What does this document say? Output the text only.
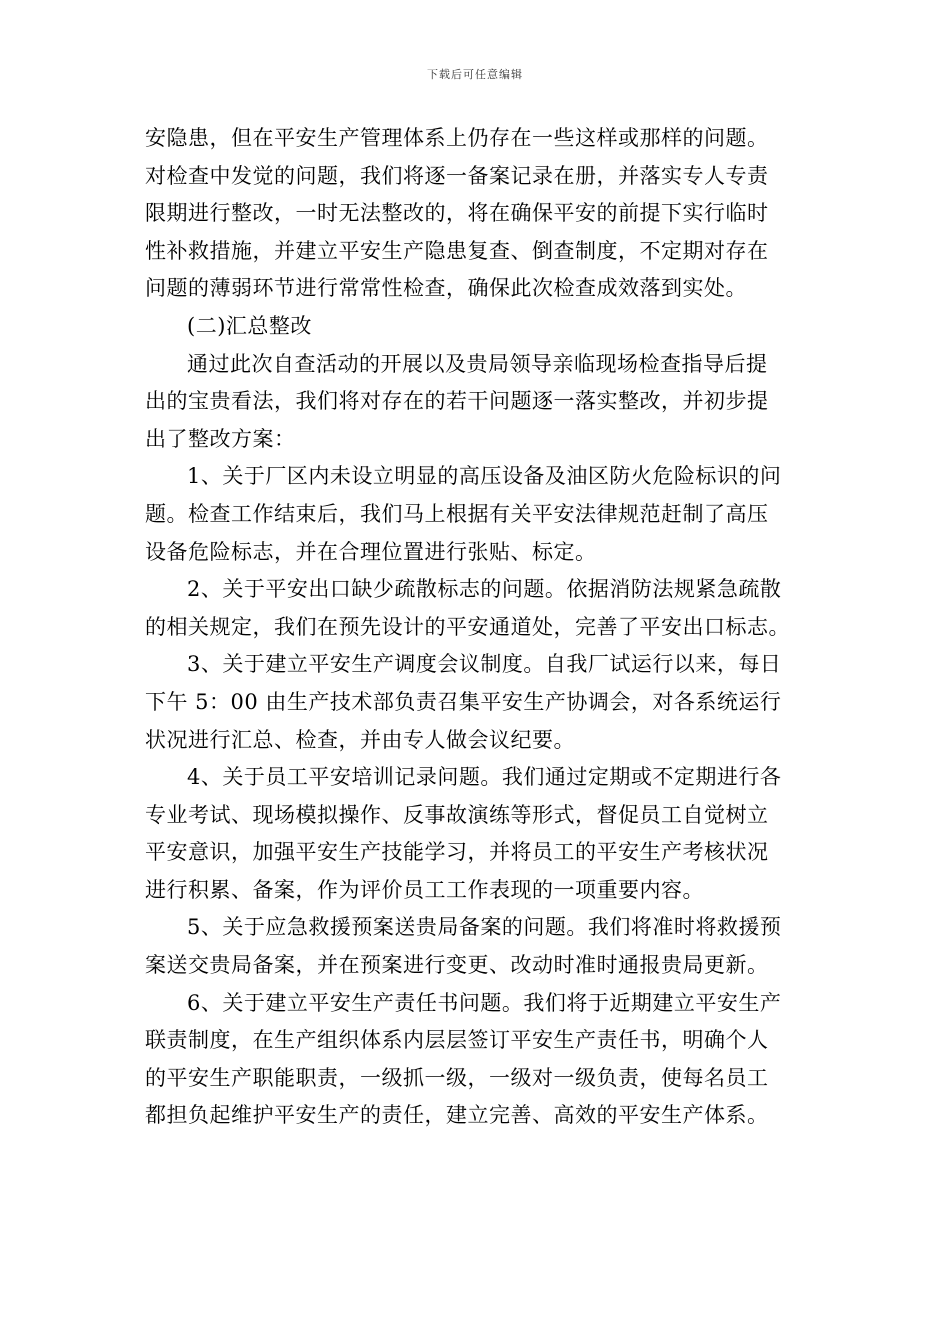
下载后可任意编辑
安隐患，但在平安生产管理体系上仍存在一些这样或那样的问题。
对检查中发觉的问题，我们将逐一备案记录在册，并落实专人专责
限期进行整改，一时无法整改的，将在确保平安的前提下实行临时
性补救措施，并建立平安生产隐患复查、倒查制度，不定期对存在
问题的薄弱环节进行常常性检查，确保此次检查成效落到实处。
(二)汇总整改
通过此次自查活动的开展以及贵局领导亲临现场检查指导后提
出的宝贵看法，我们将对存在的若干问题逐一落实整改，并初步提
出了整改方案：
1、关于厂区内未设立明显的高压设备及油区防火危险标识的问
题。检查工作结束后，我们马上根据有关平安法律规范赶制了高压
设备危险标志，并在合理位置进行张贴、标定。
2、关于平安出口缺少疏散标志的问题。依据消防法规紧急疏散
的相关规定，我们在预先设计的平安通道处，完善了平安出口标志。
3、关于建立平安生产调度会议制度。自我厂试运行以来，每日
下午 5：00 由生产技术部负责召集平安生产协调会，对各系统运行
状况进行汇总、检查，并由专人做会议纪要。
4、关于员工平安培训记录问题。我们通过定期或不定期进行各
专业考试、现场模拟操作、反事故演练等形式，督促员工自觉树立
平安意识，加强平安生产技能学习，并将员工的平安生产考核状况
进行积累、备案，作为评价员工工作表现的一项重要内容。
5、关于应急救援预案送贵局备案的问题。我们将准时将救援预
案送交贵局备案，并在预案进行变更、改动时准时通报贵局更新。
6、关于建立平安生产责任书问题。我们将于近期建立平安生产
联责制度，在生产组织体系内层层签订平安生产责任书，明确个人
的平安生产职能职责，一级抓一级，一级对一级负责，使每名员工
都担负起维护平安生产的责任，建立完善、高效的平安生产体系。
